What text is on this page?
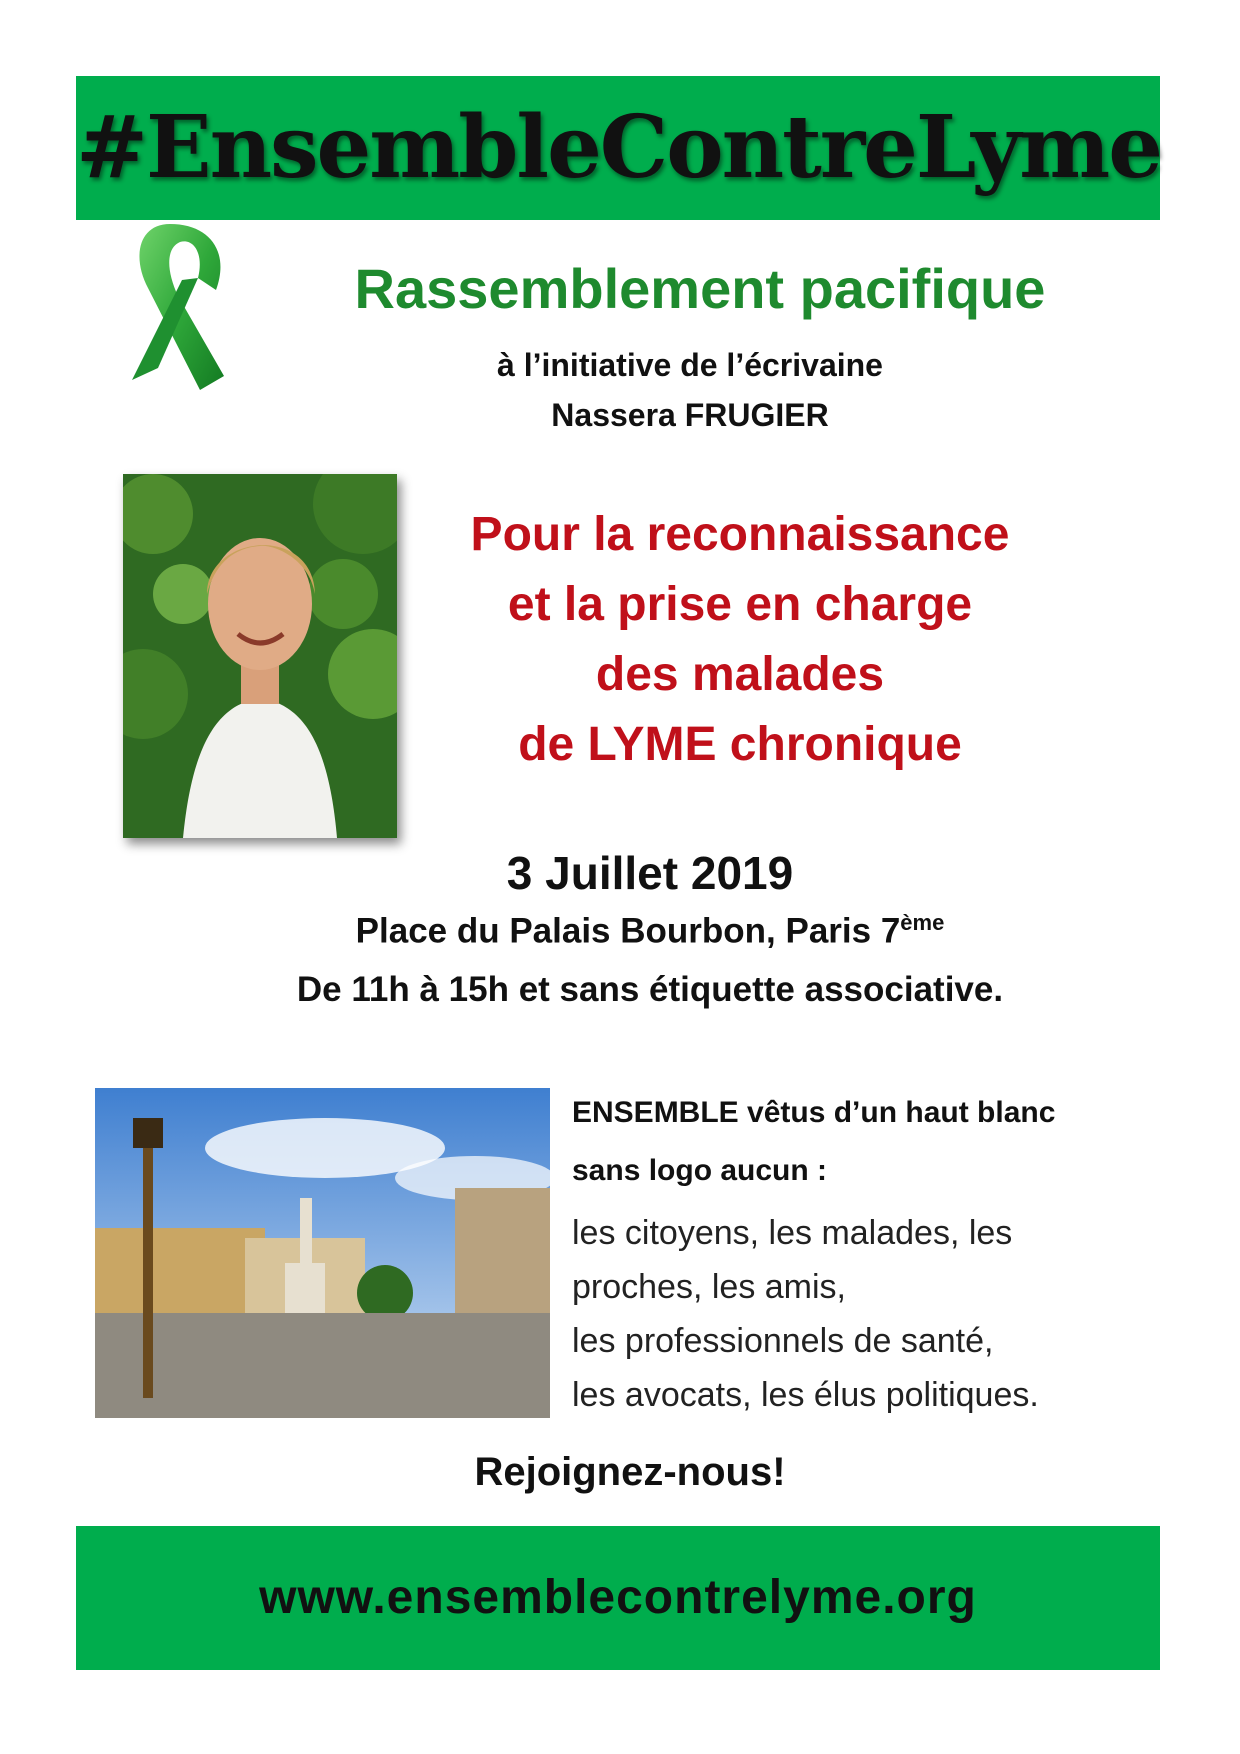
#EnsembleContreLyme
Rassemblement pacifique
à l’initiative de l’écrivaine
Nassera FRUGIER
Pour la reconnaissance
et la prise en charge
des malades
de LYME chronique
3 Juillet 2019
Place du Palais Bourbon, Paris 7ème
De 11h à 15h et sans étiquette associative.
ENSEMBLE vêtus d’un haut blanc
sans logo aucun :
les citoyens, les malades, les
proches, les amis,
les professionnels de santé,
les avocats, les élus politiques.
Rejoignez-nous!
www.ensemblecontrelyme.org
